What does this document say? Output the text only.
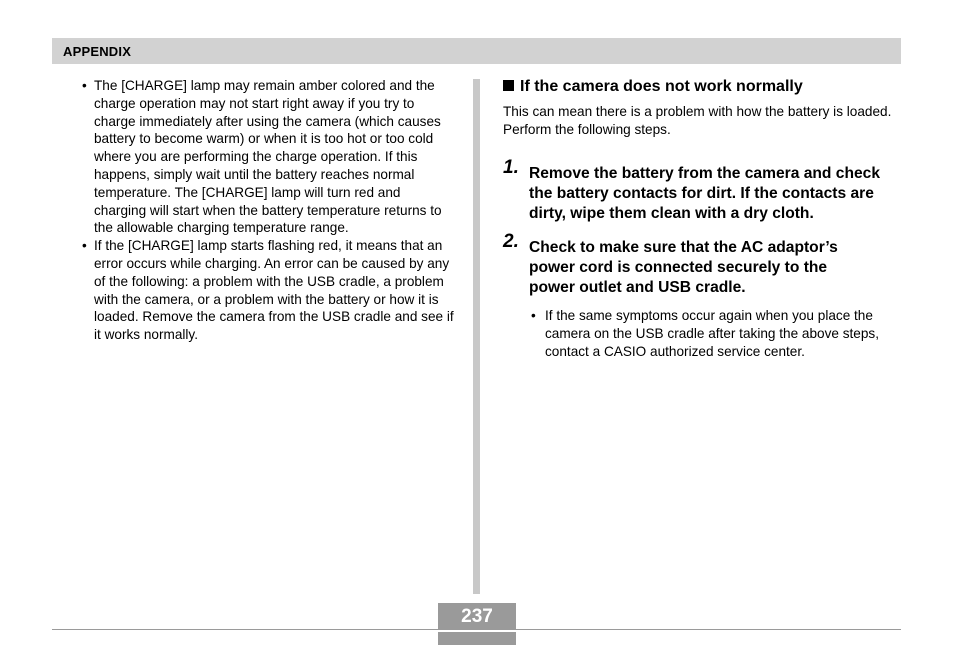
APPENDIX

• The [CHARGE] lamp may remain amber colored and the charge operation may not start right away if you try to charge immediately after using the camera (which causes battery to become warm) or when it is too hot or too cold where you are performing the charge operation. If this happens, simply wait until the battery reaches normal temperature. The [CHARGE] lamp will turn red and charging will start when the battery temperature returns to the allowable charging temperature range.

• If the [CHARGE] lamp starts flashing red, it means that an error occurs while charging. An error can be caused by any of the following: a problem with the USB cradle, a problem with the camera, or a problem with the battery or how it is loaded. Remove the camera from the USB cradle and see if it works normally.

If the camera does not work normally

This can mean there is a problem with how the battery is loaded. Perform the following steps.

1. Remove the battery from the camera and check the battery contacts for dirt. If the contacts are dirty, wipe them clean with a dry cloth.
2. Check to make sure that the AC adaptor’s power cord is connected securely to the power outlet and USB cradle.
• If the same symptoms occur again when you place the camera on the USB cradle after taking the above steps, contact a CASIO authorized service center.
237
